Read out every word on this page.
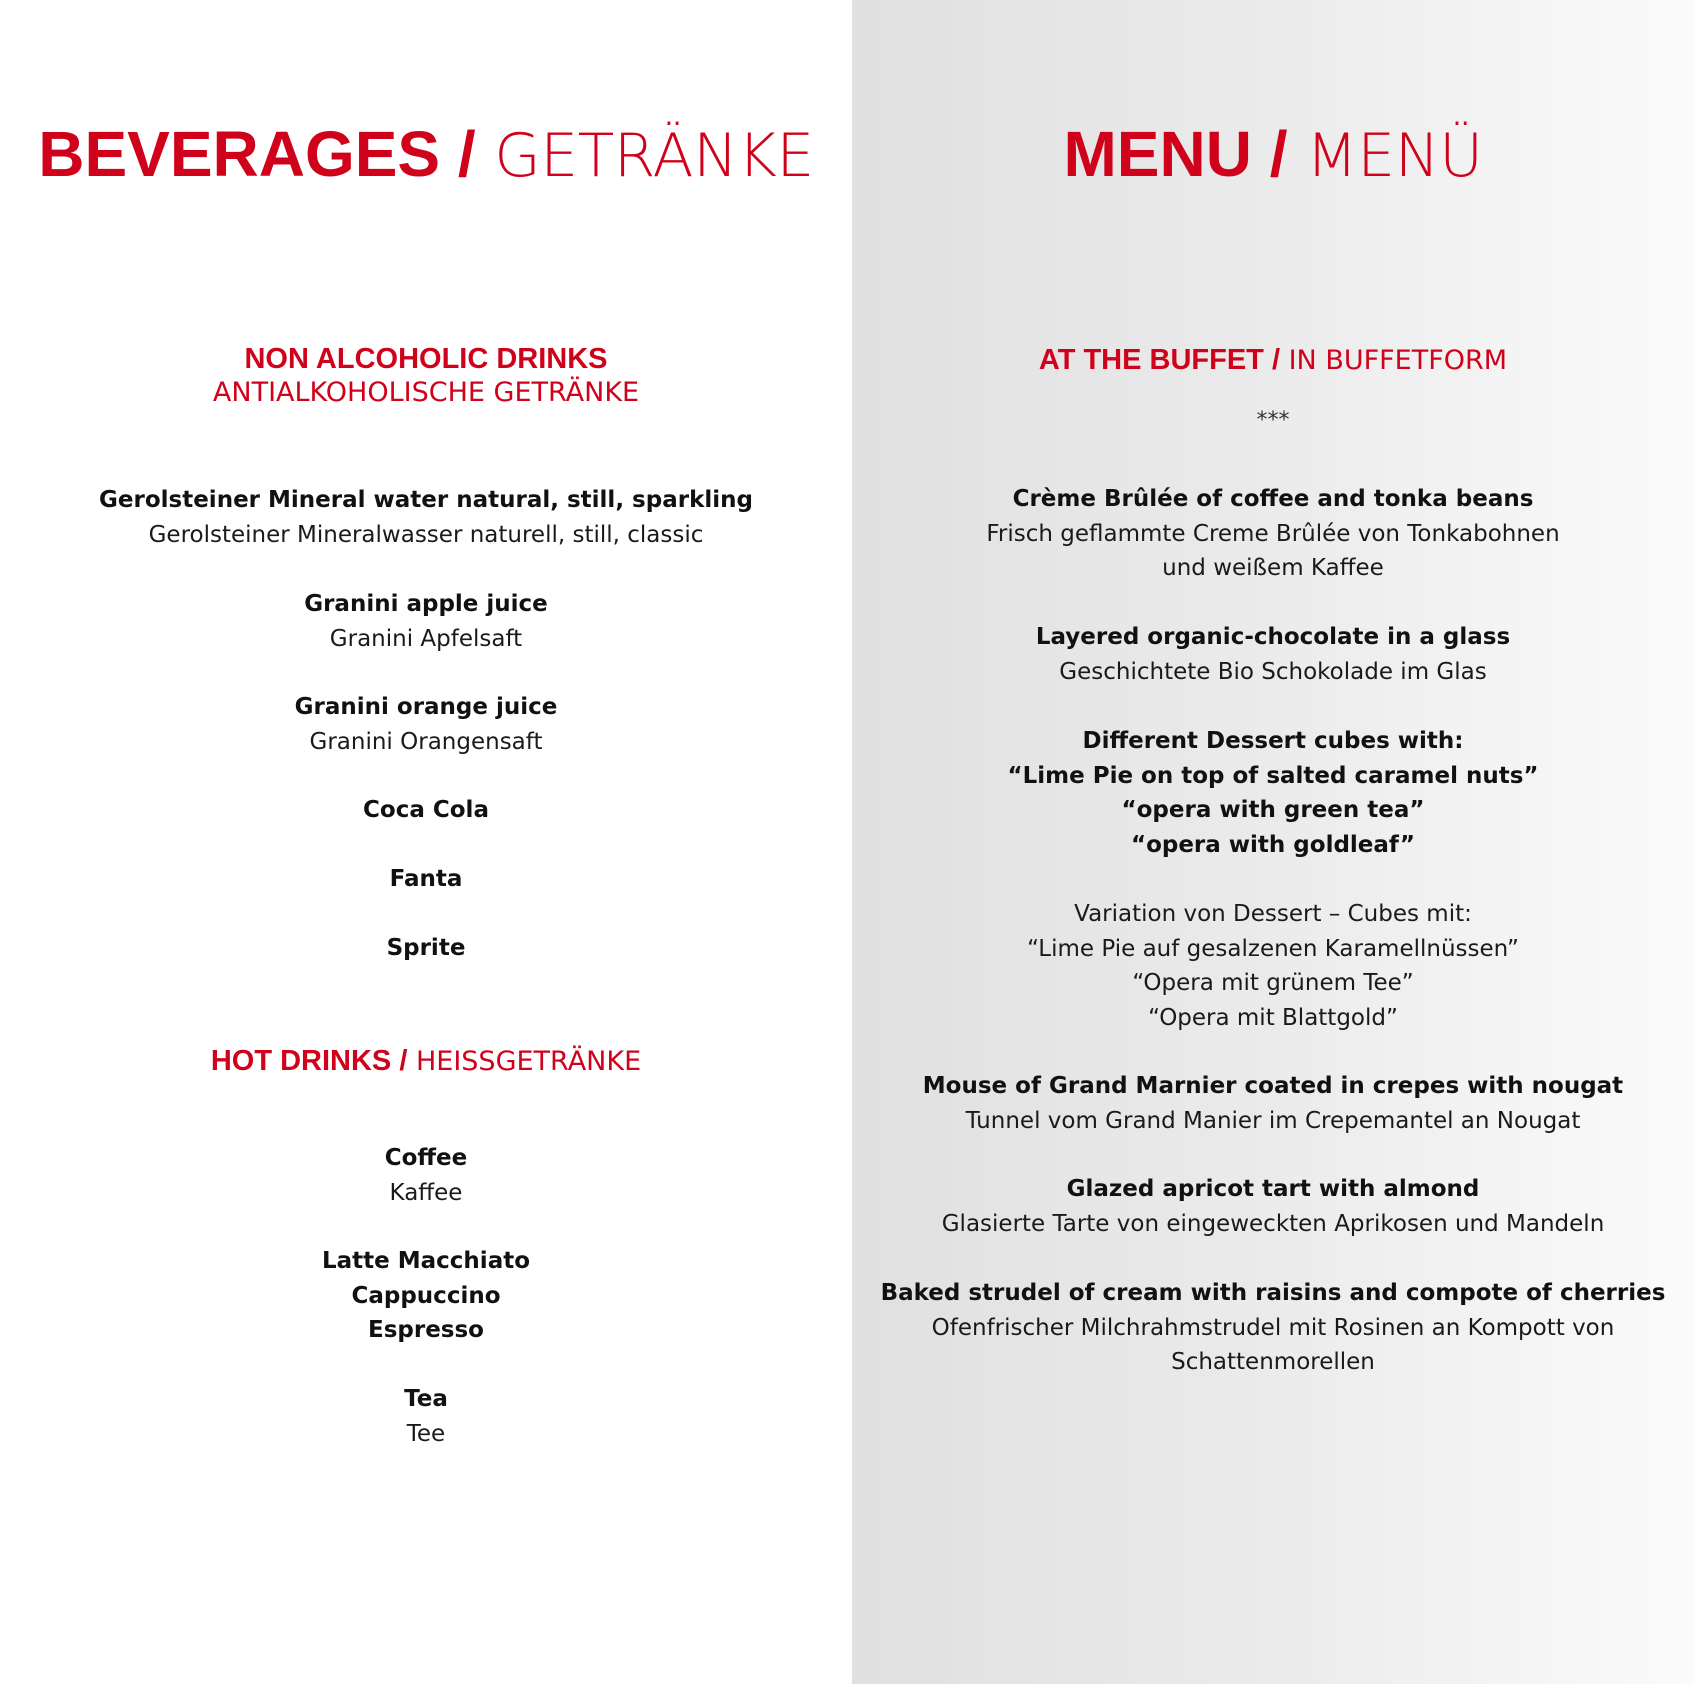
BEVERAGES / GETRÄNKE
NON ALCOHOLIC DRINKS
ANTIALKOHOLISCHE GETRÄNKE
Gerolsteiner Mineral water natural, still, sparkling
Gerolsteiner Mineralwasser naturell, still, classic
Granini apple juice
Granini Apfelsaft
Granini orange juice
Granini Orangensaft
Coca Cola
Fanta
Sprite
HOT DRINKS / HEISSGETRÄNKE
Coffee
Kaffee
Latte Macchiato
Cappuccino
Espresso
Tea
Tee
MENU / MENÜ
AT THE BUFFET / IN BUFFETFORM
***
Crème Brûlée of coffee and tonka beans
Frisch geflammte Creme Brûlée von Tonkabohnen
und weißem Kaffee
Layered organic-chocolate in a glass
Geschichtete Bio Schokolade im Glas
Different Dessert cubes with:
“Lime Pie on top of salted caramel nuts”
“opera with green tea”
“opera with goldleaf”
Variation von Dessert – Cubes mit:
“Lime Pie auf gesalzenen Karamellnüssen”
“Opera mit grünem Tee”
“Opera mit Blattgold”
Mouse of Grand Marnier coated in crepes with nougat
Tunnel vom Grand Manier im Crepemantel an Nougat
Glazed apricot tart with almond
Glasierte Tarte von eingeweckten Aprikosen und Mandeln
Baked strudel of cream with raisins and compote of cherries
Ofenfrischer Milchrahmstrudel mit Rosinen an Kompott von
Schattenmorellen
